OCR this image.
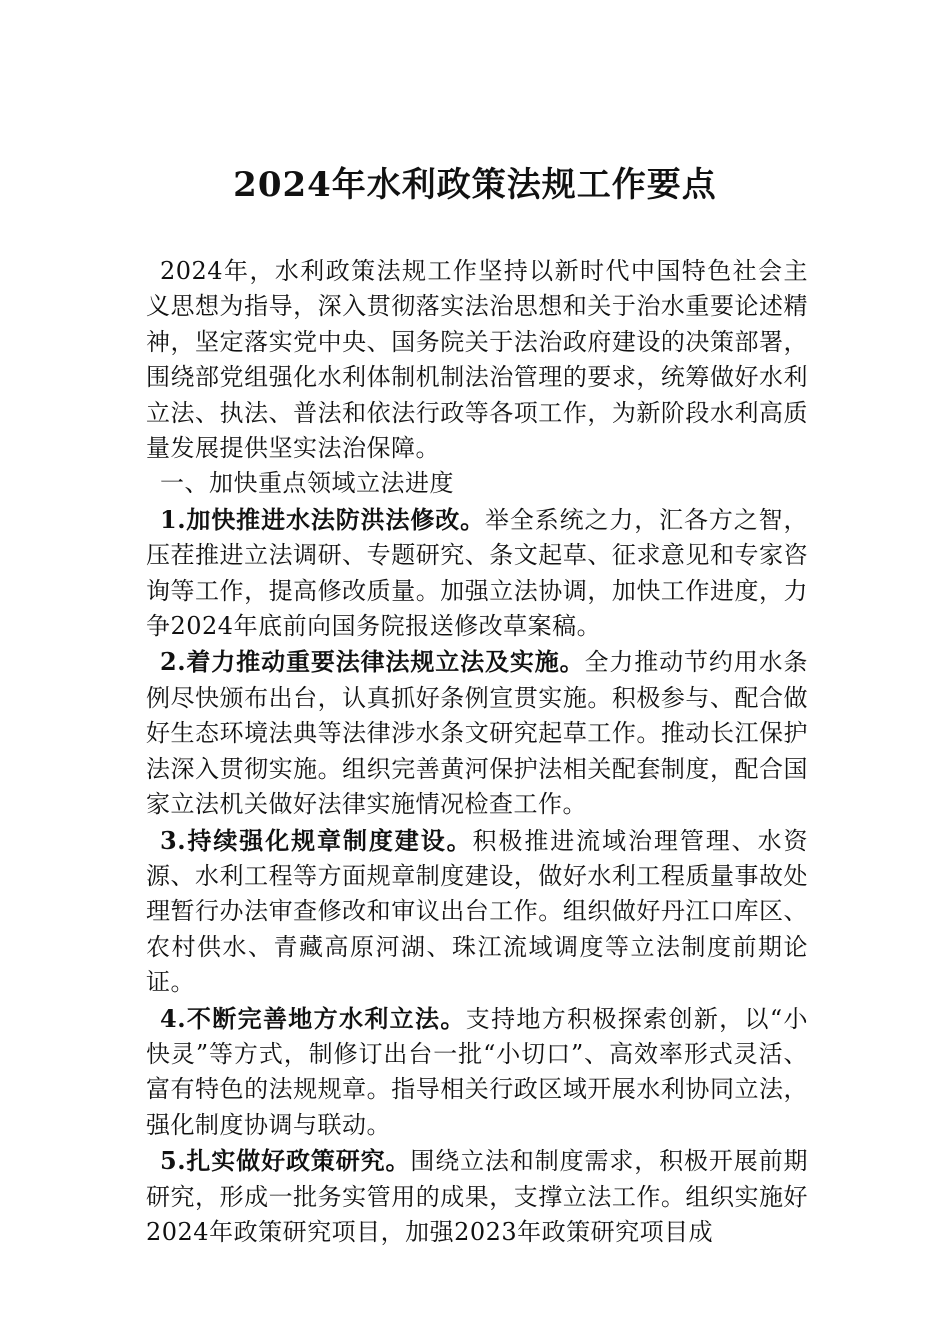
2024年水利政策法规工作要点

2024年，水利政策法规工作坚持以新时代中国特色社会主义思想为指导，深入贯彻落实法治思想和关于治水重要论述精神，坚定落实党中央、国务院关于法治政府建设的决策部署，围绕部党组强化水利体制机制法治管理的要求，统筹做好水利立法、执法、普法和依法行政等各项工作，为新阶段水利高质量发展提供坚实法治保障。

一、加快重点领域立法进度

1.加快推进水法防洪法修改。举全系统之力，汇各方之智，压茬推进立法调研、专题研究、条文起草、征求意见和专家咨询等工作，提高修改质量。加强立法协调，加快工作进度，力争2024年底前向国务院报送修改草案稿。

2.着力推动重要法律法规立法及实施。全力推动节约用水条例尽快颁布出台，认真抓好条例宣贯实施。积极参与、配合做好生态环境法典等法律涉水条文研究起草工作。推动长江保护法深入贯彻实施。组织完善黄河保护法相关配套制度，配合国家立法机关做好法律实施情况检查工作。

3.持续强化规章制度建设。积极推进流域治理管理、水资源、水利工程等方面规章制度建设，做好水利工程质量事故处理暂行办法审查修改和审议出台工作。组织做好丹江口库区、农村供水、青藏高原河湖、珠江流域调度等立法制度前期论证。

4.不断完善地方水利立法。支持地方积极探索创新，以“小快灵”等方式，制修订出台一批“小切口”、高效率形式灵活、富有特色的法规规章。指导相关行政区域开展水利协同立法，强化制度协调与联动。

5.扎实做好政策研究。围绕立法和制度需求，积极开展前期研究，形成一批务实管用的成果，支撑立法工作。组织实施好2024年政策研究项目，加强2023年政策研究项目成
